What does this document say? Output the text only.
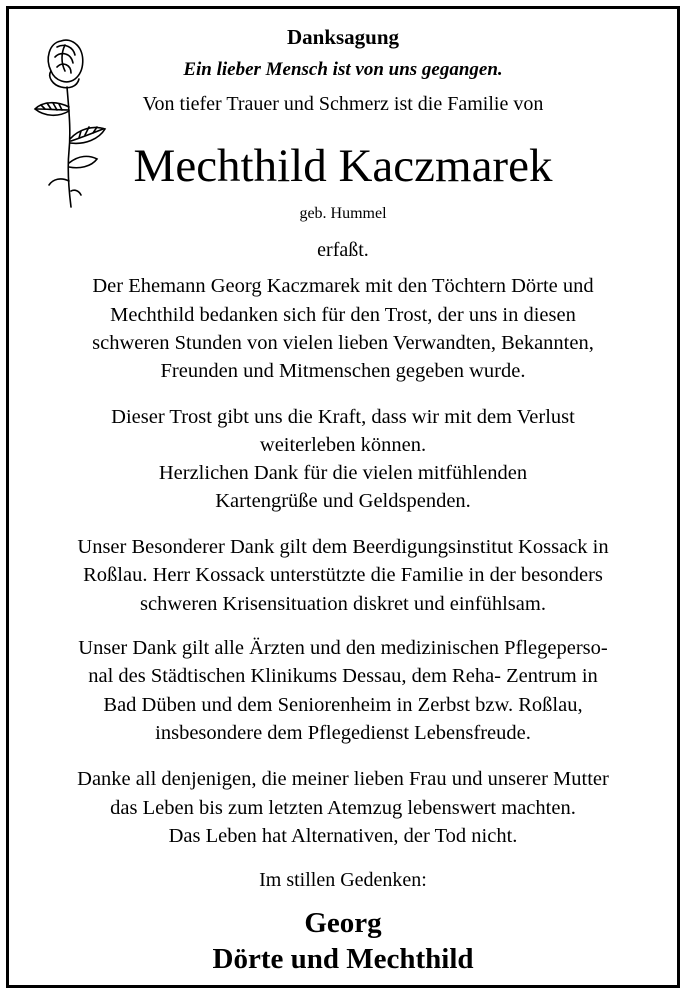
Danksagung
Ein lieber Mensch ist von uns gegangen.
Von tiefer Trauer und Schmerz ist die Familie von
Mechthild Kaczmarek
geb. Hummel
erfaßt.
Der Ehemann Georg Kaczmarek mit den Töchtern Dörte und
Mechthild bedanken sich für den Trost, der uns in diesen
schweren Stunden von vielen lieben Verwandten, Bekannten,
Freunden und Mitmenschen gegeben wurde.
Dieser Trost gibt uns die Kraft, dass wir mit dem Verlust
weiterleben können.
Herzlichen Dank für die vielen mitfühlenden
Kartengrüße und Geldspenden.
Unser Besonderer Dank gilt dem Beerdigungsinstitut Kossack in
Roßlau. Herr Kossack unterstützte die Familie in der besonders
schweren Krisensituation diskret und einfühlsam.
Unser Dank gilt alle Ärzten und den medizinischen Pflegeperso-
nal des Städtischen Klinikums Dessau, dem Reha- Zentrum in
Bad Düben und dem Seniorenheim in Zerbst bzw. Roßlau,
insbesondere dem Pflegedienst Lebensfreude.
Danke all denjenigen, die meiner lieben Frau und unserer Mutter
das Leben bis zum letzten Atemzug lebenswert machten.
Das Leben hat Alternativen, der Tod nicht.
Im stillen Gedenken:
Georg
Dörte und Mechthild
